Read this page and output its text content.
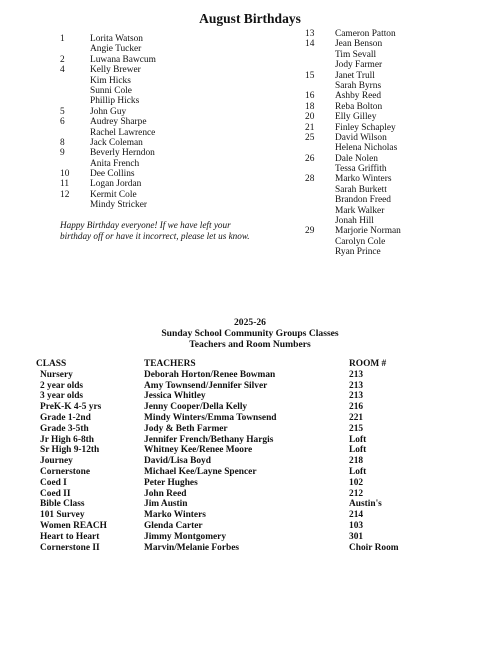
August Birthdays
1	Lorita Watson
Angie Tucker
2	Luwana Bawcum
4	Kelly Brewer
Kim Hicks
Sunni Cole
Phillip Hicks
5	John Guy
6	Audrey Sharpe
Rachel Lawrence
8	Jack Coleman
9	Beverly Herndon
Anita French
10	Dee Collins
11	Logan Jordan
12	Kermit Cole
Mindy Stricker
13	Cameron Patton
14	Jean Benson
Tim Sevall
Jody Farmer
15	Janet Trull
Sarah Byrns
16	Ashby Reed
18	Reba Bolton
20	Elly Gilley
21	Finley Schapley
25	David Wilson
Helena Nicholas
26	Dale Nolen
Tessa Griffith
28	Marko Winters
Sarah Burkett
Brandon Freed
Mark Walker
Jonah Hill
29	Marjorie Norman
Carolyn Cole
Ryan Prince
Happy Birthday everyone! If we have left your birthday off or have it incorrect, please let us know.
2025-26
Sunday School Community Groups Classes
Teachers and Room Numbers
CLASS	TEACHERS	ROOM #
Nursery	Deborah Horton/Renee Bowman	213
2 year olds	Amy Townsend/Jennifer Silver	213
3 year olds	Jessica Whitley	213
PreK-K 4-5 yrs	Jenny Cooper/Della Kelly	216
Grade 1-2nd	Mindy Winters/Emma Townsend	221
Grade 3-5th	Jody & Beth Farmer	215
Jr High 6-8th	Jennifer French/Bethany Hargis	Loft
Sr High 9-12th	Whitney Kee/Renee Moore	Loft
Journey	David/Lisa Boyd	218
Cornerstone	Michael Kee/Layne Spencer	Loft
Coed I	Peter Hughes	102
Coed II	John Reed	212
Bible Class	Jim Austin	Austin's
101 Survey	Marko Winters	214
Women REACH	Glenda Carter	103
Heart to Heart	Jimmy Montgomery	301
Cornerstone II	Marvin/Melanie Forbes	Choir Room
